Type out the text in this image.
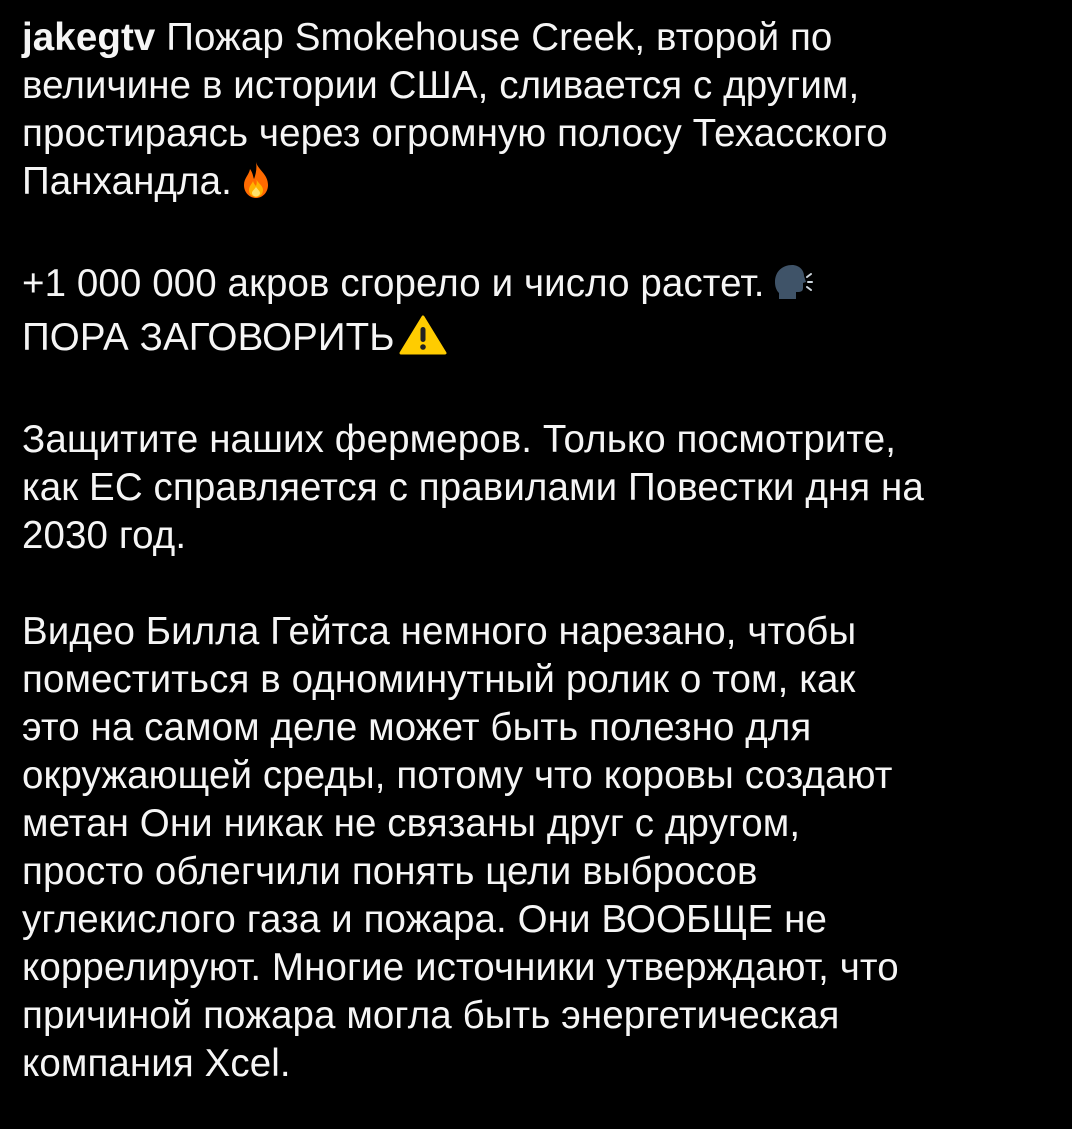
jakegtv Пожар Smokehouse Creek, второй по
величине в истории США, сливается с другим,
простираясь через огромную полосу Техасского
Панхандла.

+1 000 000 акров сгорело и число растет.
ПОРА ЗАГОВОРИТЬ

Защитите наших фермеров. Только посмотрите,
как ЕС справляется с правилами Повестки дня на
2030 год.

Видео Билла Гейтса немного нарезано, чтобы
поместиться в одноминутный ролик о том, как
это на самом деле может быть полезно для
окружающей среды, потому что коровы создают
метан Они никак не связаны друг с другом,
просто облегчили понять цели выбросов
углекислого газа и пожара. Они ВООБЩЕ не
коррелируют. Многие источники утверждают, что
причиной пожара могла быть энергетическая
компания Xcel.
